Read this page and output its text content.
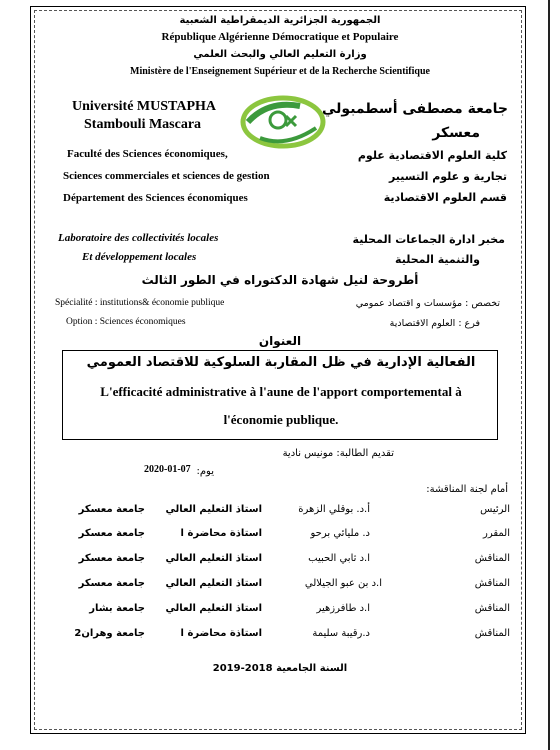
الجمهورية الجزائرية الديمقراطية الشعبية
République Algérienne Démocratique et Populaire
وزارة التعليم العالي والبحث العلمي
Ministère de l'Enseignement Supérieur et de la Recherche Scientifique
Université MUSTAPHA
Stambouli Mascara
جامعة مصطفى أسطمبولي
معسكر
Faculté des Sciences économiques,
Sciences commerciales et sciences de gestion
Département des Sciences économiques
كلية العلوم الاقتصادية علوم
تجارية و علوم التسيير
قسم العلوم الاقتصادية
Laboratoire des collectivités locales
Et développement locales
مخبر ادارة الجماعات المحلية
والتنمية المحلية
أطروحة لنيل شهادة الدكتوراه في الطور الثالث
Spécialité : institutions& économie publique
Option : Sciences économiques
تخصص : مؤسسات و اقتصاد عمومي
فرع : العلوم الاقتصادية
العنوان
الفعالية الإدارية في ظل المقاربة السلوكية للاقتصاد العمومي
L'efficacité administrative à l'aune de l'apport comportemental à
l'économie publique.
تقديم الطالبة: مونيس نادية
يوم:
2020-01-07
أمام لجنة المناقشة:
الرئيس
أ.د. بوقلي الزهرة
استاذ التعليم العالي
جامعة معسكر
المقرر
د. مليائي برحو
استاذة محاضرة ا
جامعة معسكر
المناقش
ا.د ثابي الحبيب
استاذ التعليم العالي
جامعة معسكر
المناقش
ا.د بن عبو الجيلالي
استاذ التعليم العالي
جامعة معسكر
المناقش
ا.د طافرزهير
استاذ التعليم العالي
جامعة بشار
المناقش
د.رقيبة سليمة
استاذة محاضرة ا
جامعة وهران2
السنة الجامعية 2018-2019
